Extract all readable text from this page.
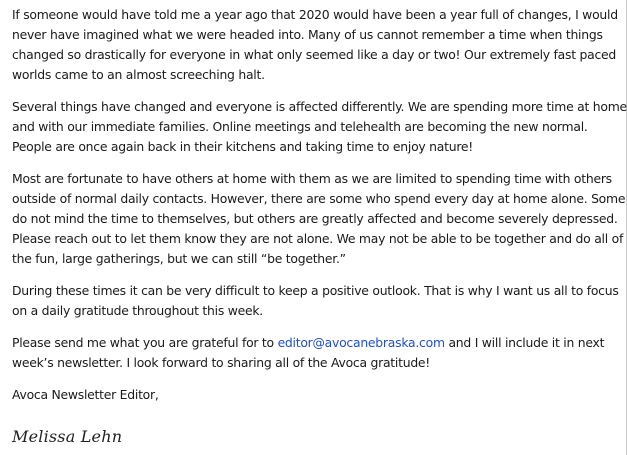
If someone would have told me a year ago that 2020 would have been a year full of changes, I would
never have imagined what we were headed into. Many of us cannot remember a time when things
changed so drastically for everyone in what only seemed like a day or two! Our extremely fast paced
worlds came to an almost screeching halt.

Several things have changed and everyone is affected differently. We are spending more time at home
and with our immediate families. Online meetings and telehealth are becoming the new normal.
People are once again back in their kitchens and taking time to enjoy nature!

Most are fortunate to have others at home with them as we are limited to spending time with others
outside of normal daily contacts. However, there are some who spend every day at home alone. Some
do not mind the time to themselves, but others are greatly affected and become severely depressed.
Please reach out to let them know they are not alone. We may not be able to be together and do all of
the fun, large gatherings, but we can still “be together.”

During these times it can be very difficult to keep a positive outlook. That is why I want us all to focus
on a daily gratitude throughout this week.

Please send me what you are grateful for to editor@avocanebraska.com and I will include it in next
week’s newsletter. I look forward to sharing all of the Avoca gratitude!

Avoca Newsletter Editor,

Melissa Lehn
